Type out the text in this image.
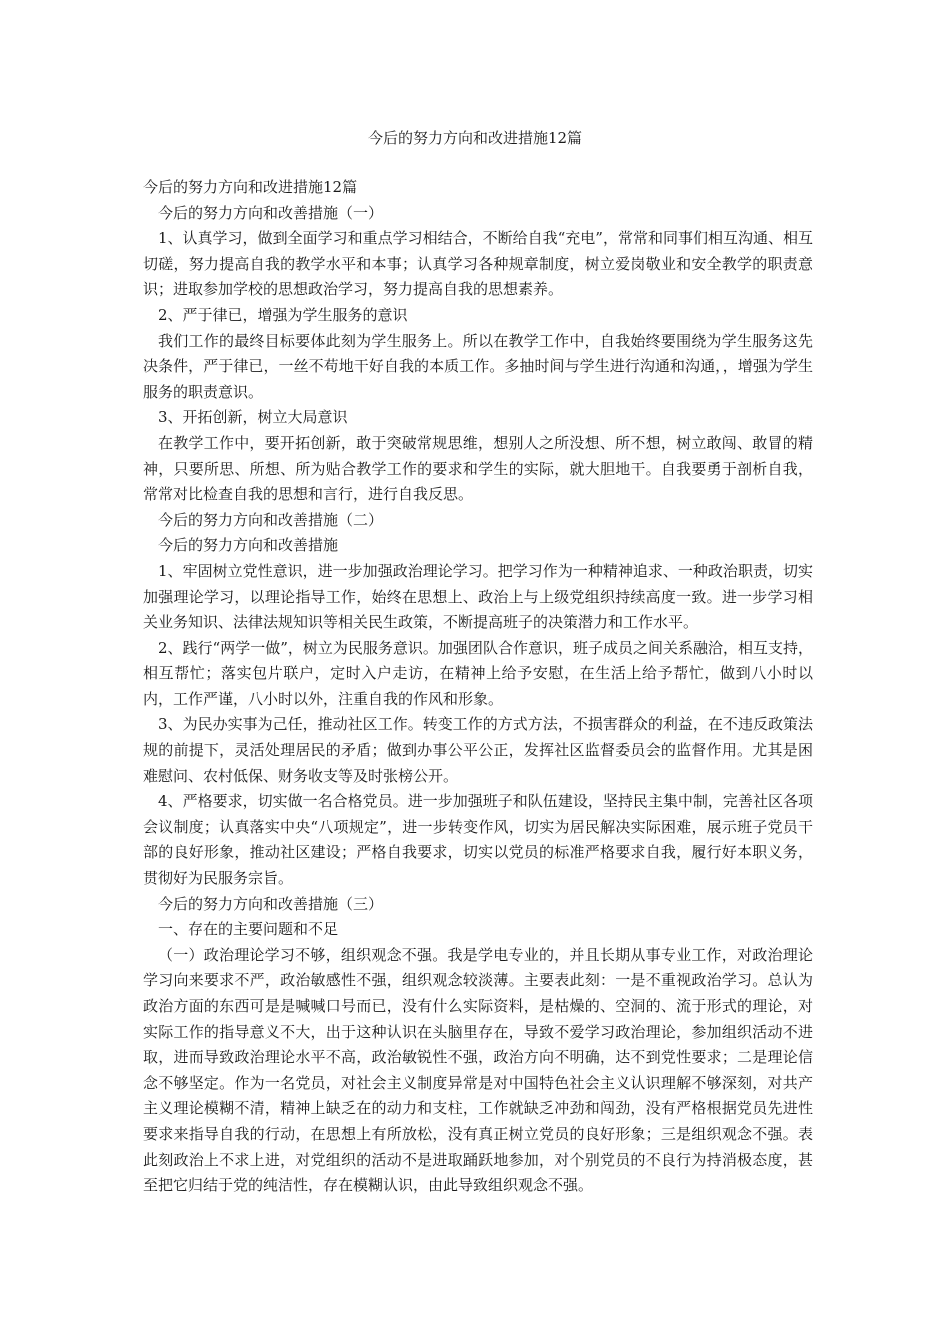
今后的努力方向和改进措施12篇

今后的努力方向和改进措施12篇

今后的努力方向和改善措施（一）

1、认真学习，做到全面学习和重点学习相结合，不断给自我“充电”，常常和同事们相互沟通、相互切磋，努力提高自我的教学水平和本事；认真学习各种规章制度，树立爱岗敬业和安全教学的职责意识；进取参加学校的思想政治学习，努力提高自我的思想素养。

2、严于律已，增强为学生服务的意识

我们工作的最终目标要体此刻为学生服务上。所以在教学工作中，自我始终要围绕为学生服务这先决条件，严于律已，一丝不苟地干好自我的本质工作。多抽时间与学生进行沟通和沟通，，增强为学生服务的职责意识。

3、开拓创新，树立大局意识

在教学工作中，要开拓创新，敢于突破常规思维，想别人之所没想、所不想，树立敢闯、敢冒的精神，只要所思、所想、所为贴合教学工作的要求和学生的实际，就大胆地干。自我要勇于剖析自我，常常对比检查自我的思想和言行，进行自我反思。

今后的努力方向和改善措施（二）

今后的努力方向和改善措施

1、牢固树立党性意识，进一步加强政治理论学习。把学习作为一种精神追求、一种政治职责，切实加强理论学习，以理论指导工作，始终在思想上、政治上与上级党组织持续高度一致。进一步学习相关业务知识、法律法规知识等相关民生政策，不断提高班子的决策潜力和工作水平。

2、践行“两学一做”，树立为民服务意识。加强团队合作意识，班子成员之间关系融洽，相互支持，相互帮忙；落实包片联户，定时入户走访，在精神上给予安慰，在生活上给予帮忙，做到八小时以内，工作严谨，八小时以外，注重自我的作风和形象。

3、为民办实事为己任，推动社区工作。转变工作的方式方法，不损害群众的利益，在不违反政策法规的前提下，灵活处理居民的矛盾；做到办事公平公正，发挥社区监督委员会的监督作用。尤其是困难慰问、农村低保、财务收支等及时张榜公开。

4、严格要求，切实做一名合格党员。进一步加强班子和队伍建设，坚持民主集中制，完善社区各项会议制度；认真落实中央“八项规定”，进一步转变作风，切实为居民解决实际困难，展示班子党员干部的良好形象，推动社区建设；严格自我要求，切实以党员的标准严格要求自我，履行好本职义务，贯彻好为民服务宗旨。

今后的努力方向和改善措施（三）

一、存在的主要问题和不足

（一）政治理论学习不够，组织观念不强。我是学电专业的，并且长期从事专业工作，对政治理论学习向来要求不严，政治敏感性不强，组织观念较淡薄。主要表此刻：一是不重视政治学习。总认为政治方面的东西可是是喊喊口号而已，没有什么实际资料，是枯燥的、空洞的、流于形式的理论，对实际工作的指导意义不大，出于这种认识在头脑里存在，导致不爱学习政治理论，参加组织活动不进取，进而导致政治理论水平不高，政治敏锐性不强，政治方向不明确，达不到党性要求；二是理论信念不够坚定。作为一名党员，对社会主义制度异常是对中国特色社会主义认识理解不够深刻，对共产主义理论模糊不清，精神上缺乏在的动力和支柱，工作就缺乏冲劲和闯劲，没有严格根据党员先进性要求来指导自我的行动，在思想上有所放松，没有真正树立党员的良好形象；三是组织观念不强。表此刻政治上不求上进，对党组织的活动不是进取踊跃地参加，对个别党员的不良行为持消极态度，甚至把它归结于党的纯洁性，存在模糊认识，由此导致组织观念不强。
